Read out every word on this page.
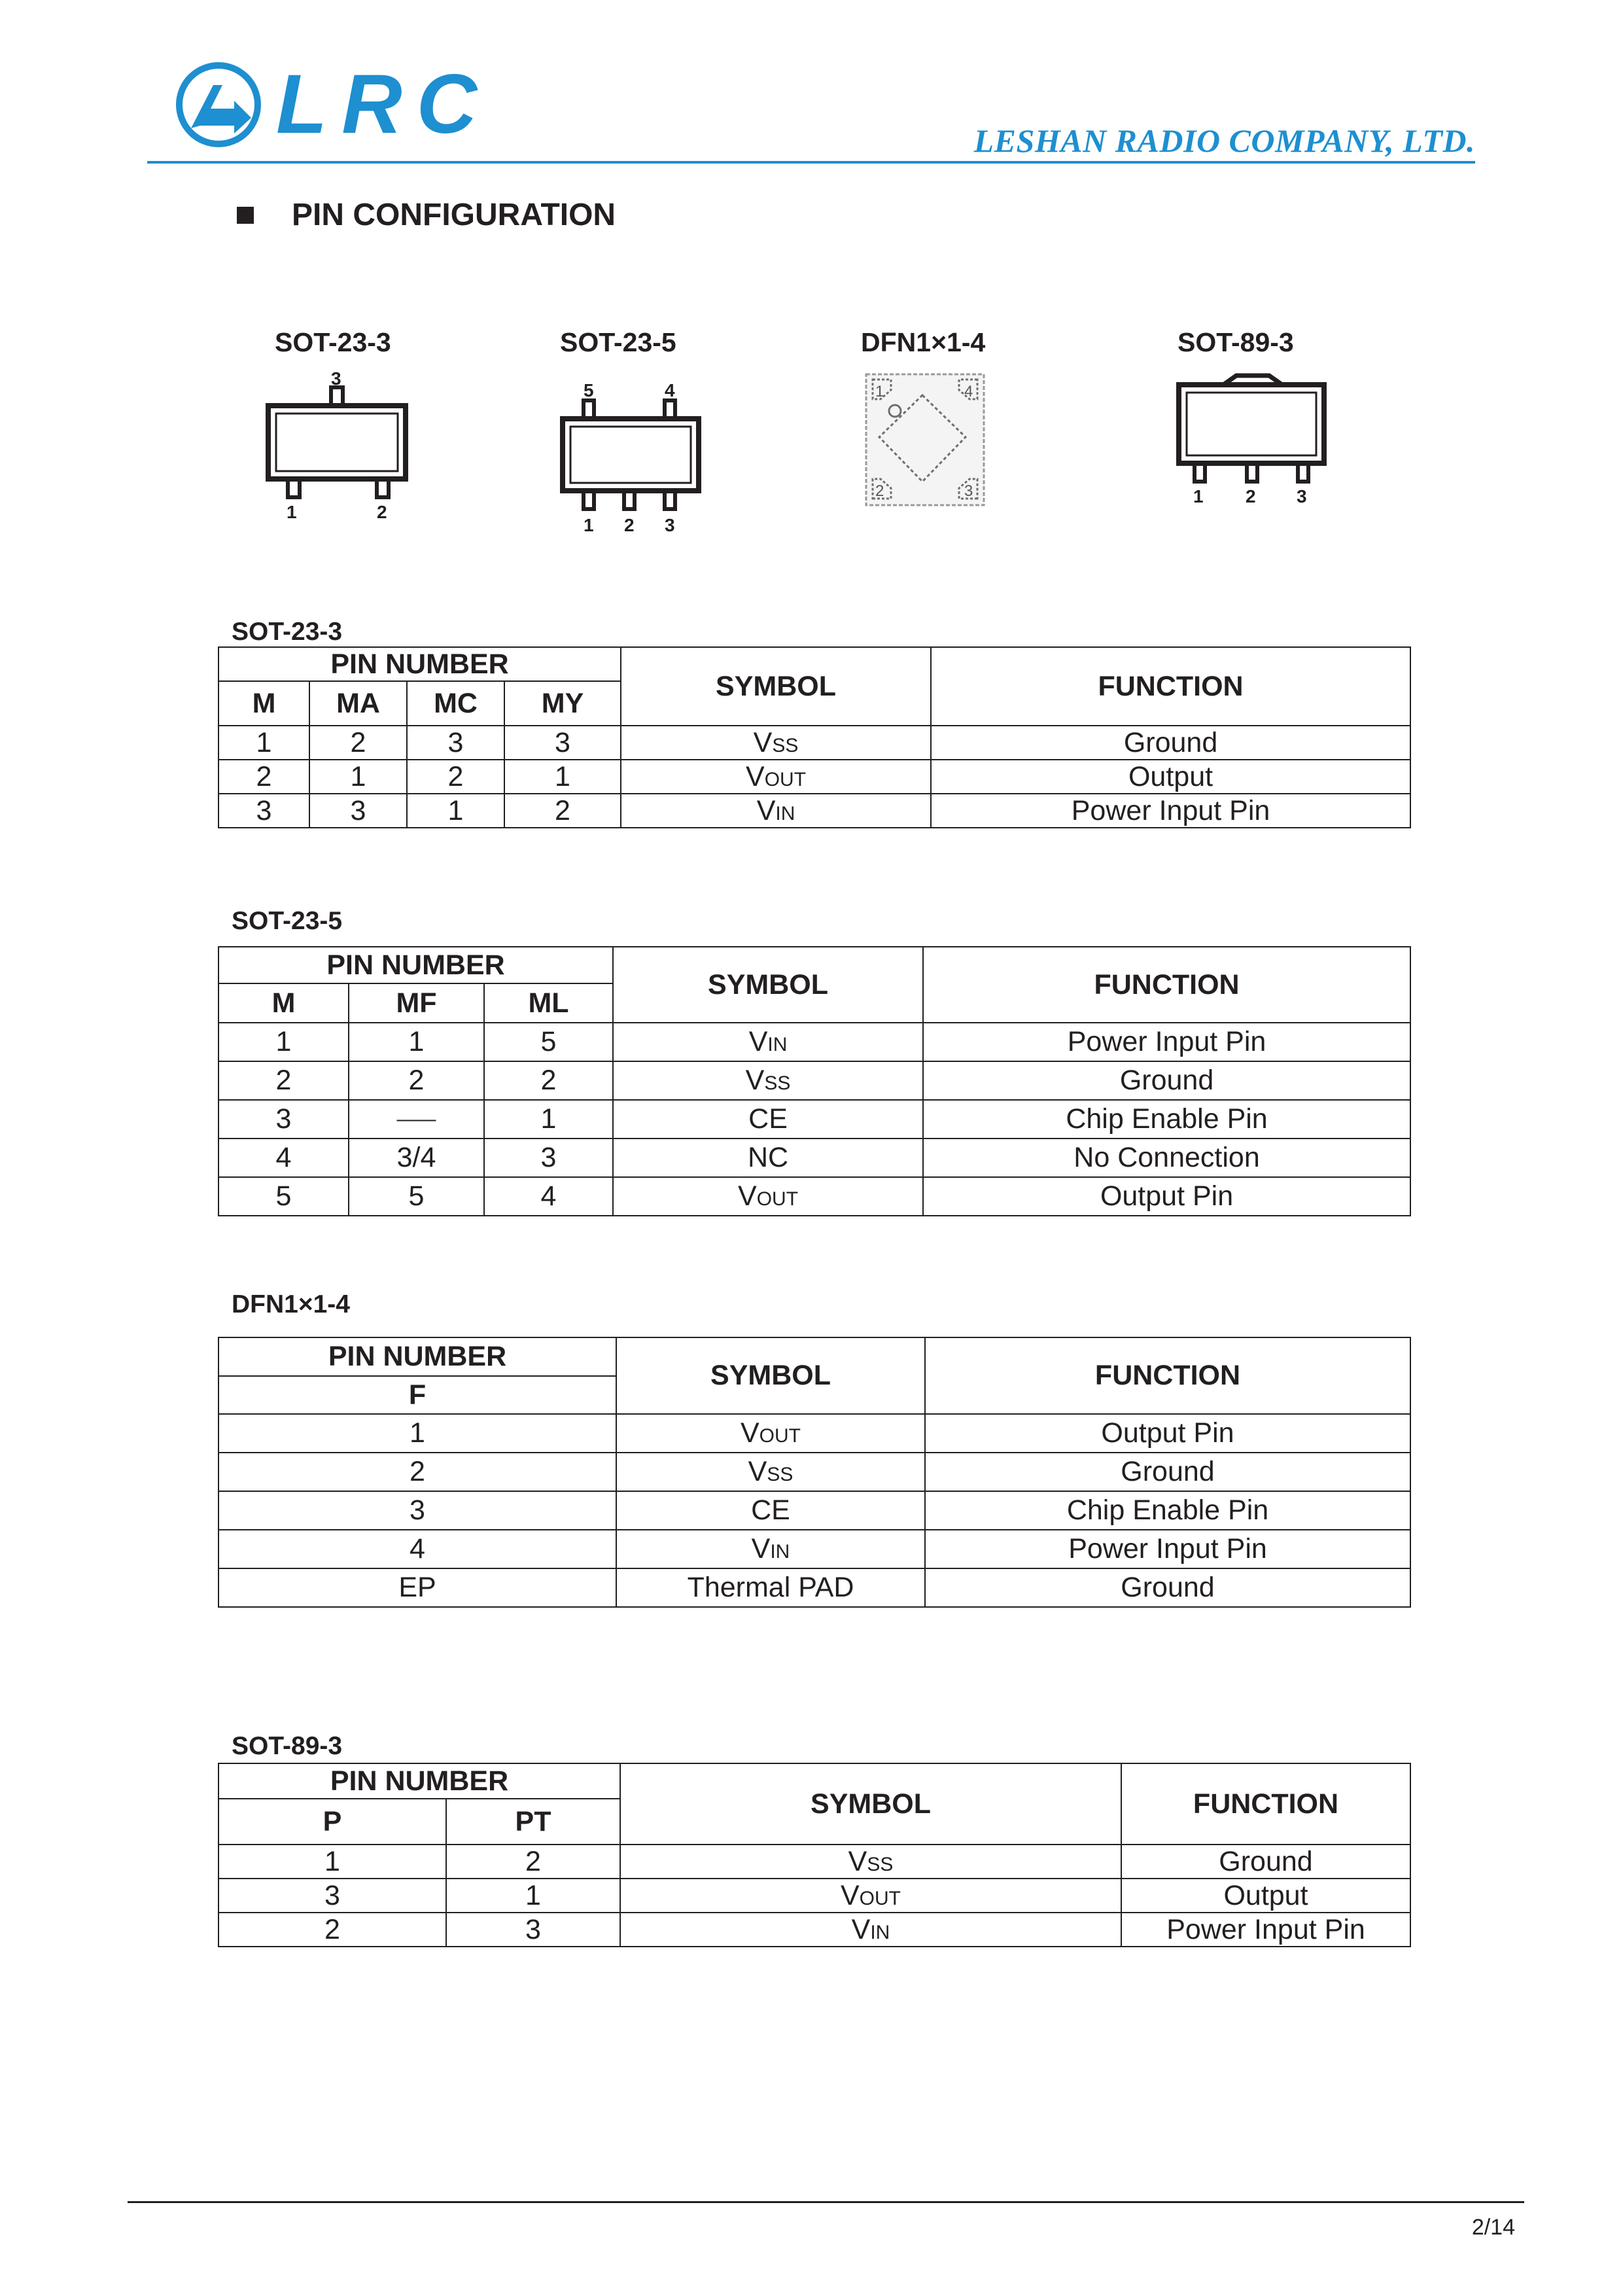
LRC	LESHAN RADIO COMPANY, LTD.
PIN CONFIGURATION
SOT-23-3	SOT-23-5	DFN1×1-4	SOT-89-3
3
1	2
5	4
1 2 3
1	4
2	3	1 2 3
SOT-23-3
PIN NUMBER				SYMBOL	FUNCTION
M	MA	MC	MY		
1	2	3	3	VSS	Ground
2	1	2	1	VOUT	Output
3	3	1	2	VIN	Power Input Pin
SOT-23-5
PIN NUMBER			SYMBOL	FUNCTION
M	MF	ML		
1	1	5	VIN	Power Input Pin
2	2	2	VSS	Ground
3	——	1	CE	Chip Enable Pin
4	3/4	3	NC	No Connection
5	5	4	VOUT	Output Pin
DFN1×1-4
PIN NUMBER	SYMBOL	FUNCTION
F		
1	VOUT	Output Pin
2	VSS	Ground
3	CE	Chip Enable Pin
4	VIN	Power Input Pin
EP	Thermal PAD	Ground
SOT-89-3
PIN NUMBER		SYMBOL	FUNCTION
P	PT		
1	2	VSS	Ground
3	1	VOUT	Output
2	3	VIN	Power Input Pin
2/14
